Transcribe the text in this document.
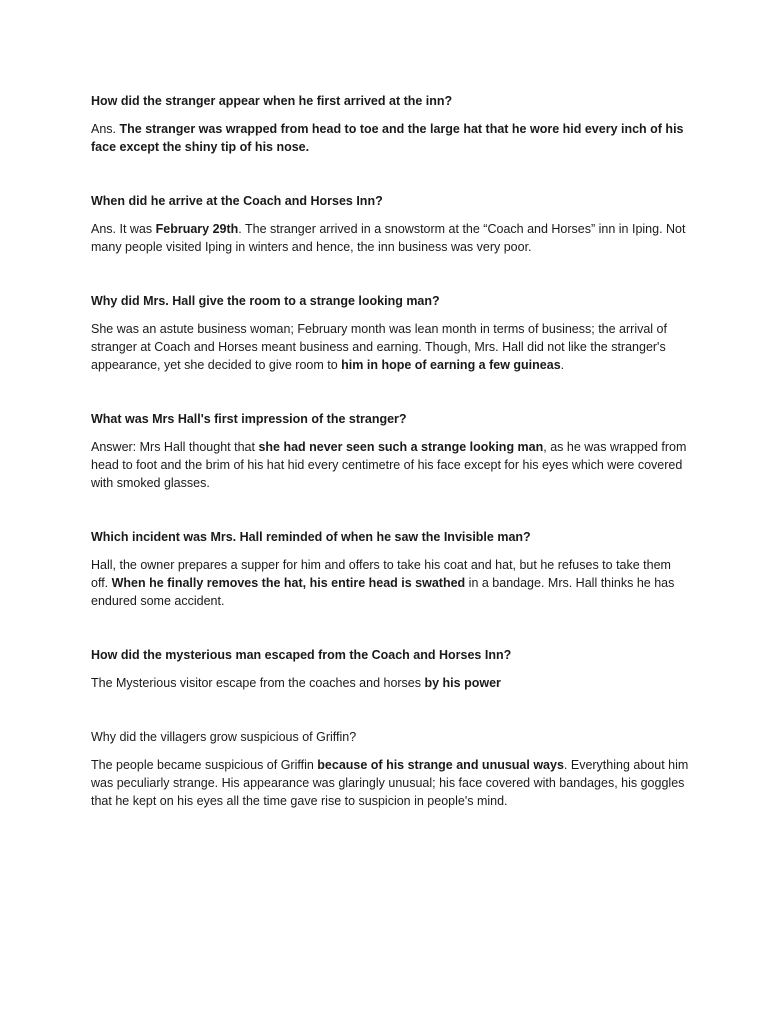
How did the stranger appear when he first arrived at the inn?

Ans. The stranger was wrapped from head to toe and the large hat that he wore hid every inch of his face except the shiny tip of his nose.

When did he arrive at the Coach and Horses Inn?

Ans. It was February 29th. The stranger arrived in a snowstorm at the “Coach and Horses” inn in Iping. Not many people visited Iping in winters and hence, the inn business was very poor.

Why did Mrs. Hall give the room to a strange looking man?

She was an astute business woman; February month was lean month in terms of business; the arrival of stranger at Coach and Horses meant business and earning. Though, Mrs. Hall did not like the stranger's appearance, yet she decided to give room to him in hope of earning a few guineas.

What was Mrs Hall's first impression of the stranger?

Answer: Mrs Hall thought that she had never seen such a strange looking man, as he was wrapped from head to foot and the brim of his hat hid every centimetre of his face except for his eyes which were covered with smoked glasses.

Which incident was Mrs. Hall reminded of when he saw the Invisible man?

Hall, the owner prepares a supper for him and offers to take his coat and hat, but he refuses to take them off. When he finally removes the hat, his entire head is swathed in a bandage. Mrs. Hall thinks he has endured some accident.

How did the mysterious man escaped from the Coach and Horses Inn?

The Mysterious visitor escape from the coaches and horses by his power

Why did the villagers grow suspicious of Griffin?

The people became suspicious of Griffin because of his strange and unusual ways. Everything about him was peculiarly strange. His appearance was glaringly unusual; his face covered with bandages, his goggles that he kept on his eyes all the time gave rise to suspicion in people's mind.
